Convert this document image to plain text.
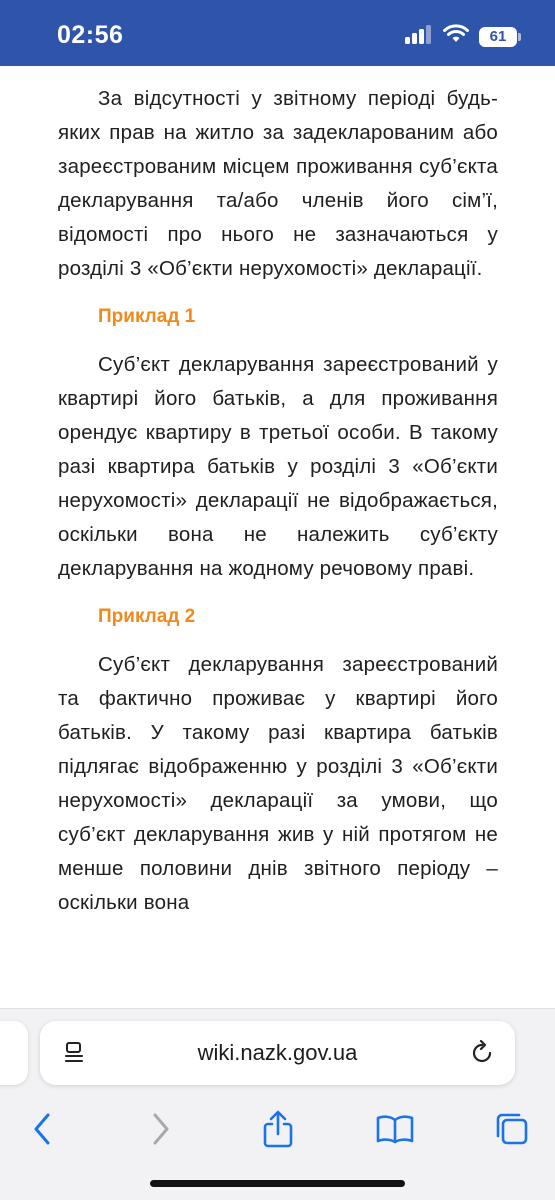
02:56	61

За відсутності у звітному періоді будь-яких прав на житло за задекларованим або зареєстрованим місцем проживання суб’єкта декларування та/або членів його сім’ї, відомості про нього не зазначаються у розділі 3 «Об’єкти нерухомості» декларації.

Приклад 1

Суб’єкт декларування зареєстрований у квартирі його батьків, а для проживання орендує квартиру в третьої особи. В такому разі квартира батьків у розділі 3 «Об’єкти нерухомості» декларації не відображається, оскільки вона не належить суб’єкту декларування на жодному речовому праві.

Приклад 2

Суб’єкт декларування зареєстрований та фактично проживає у квартирі його батьків. У такому разі квартира батьків підлягає відображенню у розділі 3 «Об’єкти нерухомості» декларації за умови, що суб’єкт декларування жив у ній протягом не менше половини днів звітного періоду – оскільки вона

wiki.nazk.gov.ua
